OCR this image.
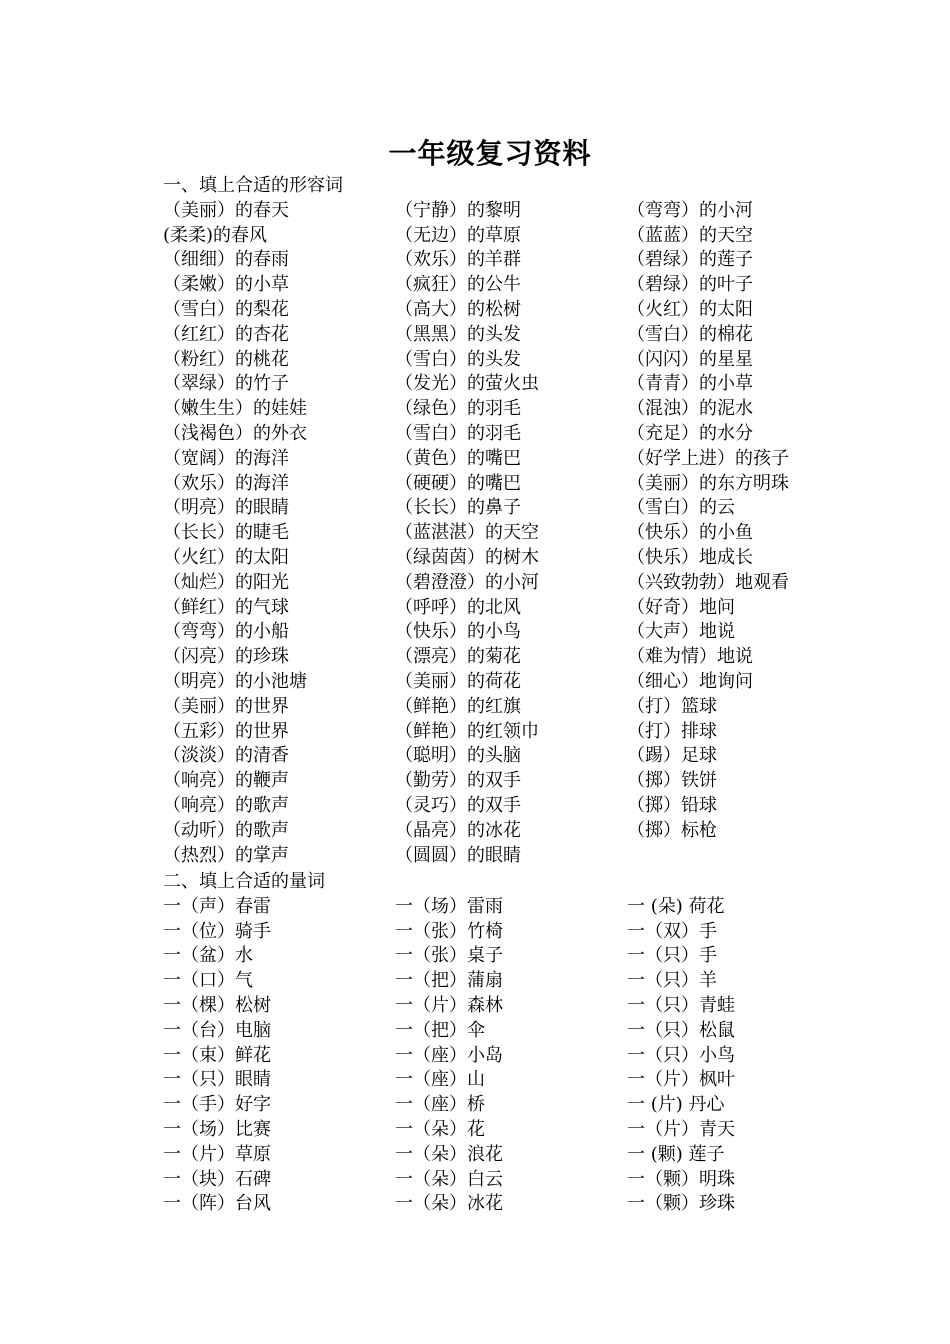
一年级复习资料
一、填上合适的形容词
（美丽）的春天	（宁静）的黎明	（弯弯）的小河
(柔柔)的春风	（无边）的草原	（蓝蓝）的天空
（细细）的春雨	（欢乐）的羊群	（碧绿）的莲子
（柔嫩）的小草	（疯狂）的公牛	（碧绿）的叶子
（雪白）的梨花	（高大）的松树	（火红）的太阳
（红红）的杏花	（黑黑）的头发	（雪白）的棉花
（粉红）的桃花	（雪白）的头发	（闪闪）的星星
（翠绿）的竹子	（发光）的萤火虫	（青青）的小草
（嫩生生）的娃娃	（绿色）的羽毛	（混浊）的泥水
（浅褐色）的外衣	（雪白）的羽毛	（充足）的水分
（宽阔）的海洋	（黄色）的嘴巴	（好学上进）的孩子
（欢乐）的海洋	（硬硬）的嘴巴	（美丽）的东方明珠
（明亮）的眼睛	（长长）的鼻子	（雪白）的云
（长长）的睫毛	（蓝湛湛）的天空	（快乐）的小鱼
（火红）的太阳	（绿茵茵）的树木	（快乐）地成长
（灿烂）的阳光	（碧澄澄）的小河	（兴致勃勃）地观看
（鲜红）的气球	（呼呼）的北风	（好奇）地问
（弯弯）的小船	（快乐）的小鸟	（大声）地说
（闪亮）的珍珠	（漂亮）的菊花	（难为情）地说
（明亮）的小池塘	（美丽）的荷花	（细心）地询问
（美丽）的世界	（鲜艳）的红旗	（打）篮球
（五彩）的世界	（鲜艳）的红领巾	（打）排球
（淡淡）的清香	（聪明）的头脑	（踢）足球
（响亮）的鞭声	（勤劳）的双手	（掷）铁饼
（响亮）的歌声	（灵巧）的双手	（掷）铅球
（动听）的歌声	（晶亮）的冰花	（掷）标枪
（热烈）的掌声	（圆圆）的眼睛
二、填上合适的量词
一（声）春雷	一（场）雷雨	一 (朵) 荷花
一（位）骑手	一（张）竹椅	一（双）手
一（盆）水	一（张）桌子	一（只）手
一（口）气	一（把）蒲扇	一（只）羊
一（棵）松树	一（片）森林	一（只）青蛙
一（台）电脑	一（把）伞	一（只）松鼠
一（束）鲜花	一（座）小岛	一（只）小鸟
一（只）眼睛	一（座）山	一（片）枫叶
一（手）好字	一（座）桥	一 (片) 丹心
一（场）比赛	一（朵）花	一（片）青天
一（片）草原	一（朵）浪花	一 (颗) 莲子
一（块）石碑	一（朵）白云	一（颗）明珠
一（阵）台风	一（朵）冰花	一（颗）珍珠
